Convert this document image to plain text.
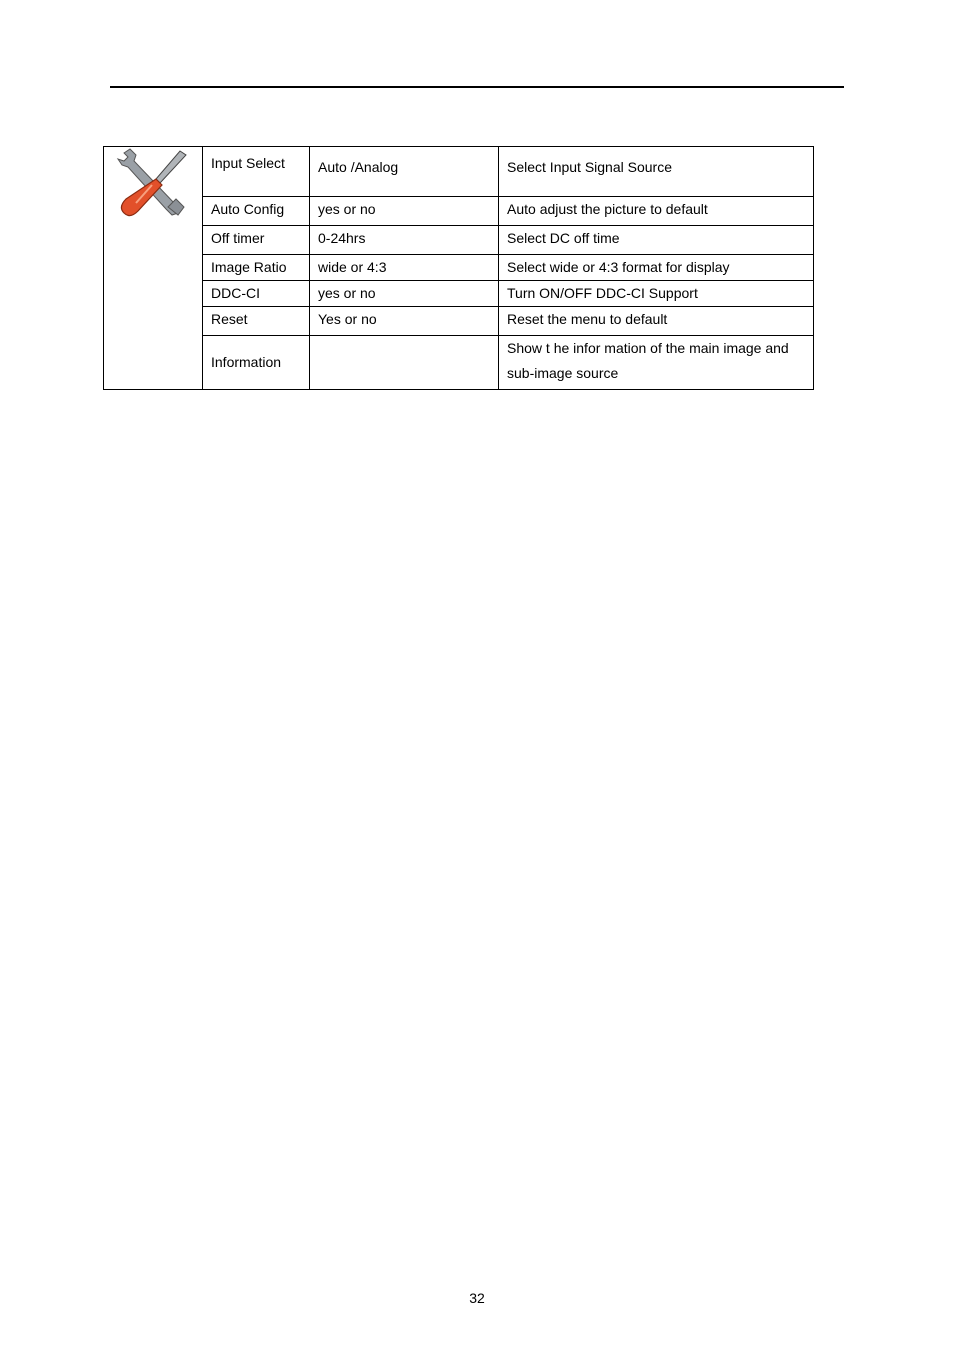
	Input Select	Auto /Analog	Select Input Signal Source
	Auto Config	yes or no	Auto adjust the picture to default
	Off timer	0-24hrs	Select DC off time
	Image Ratio	wide or 4:3	Select wide or 4:3 format for display
	DDC-CI	yes or no	Turn ON/OFF DDC-CI Support
	Reset	Yes or no	Reset the menu to default
	Information		Show t he infor mation of the main image and sub-image source
32
